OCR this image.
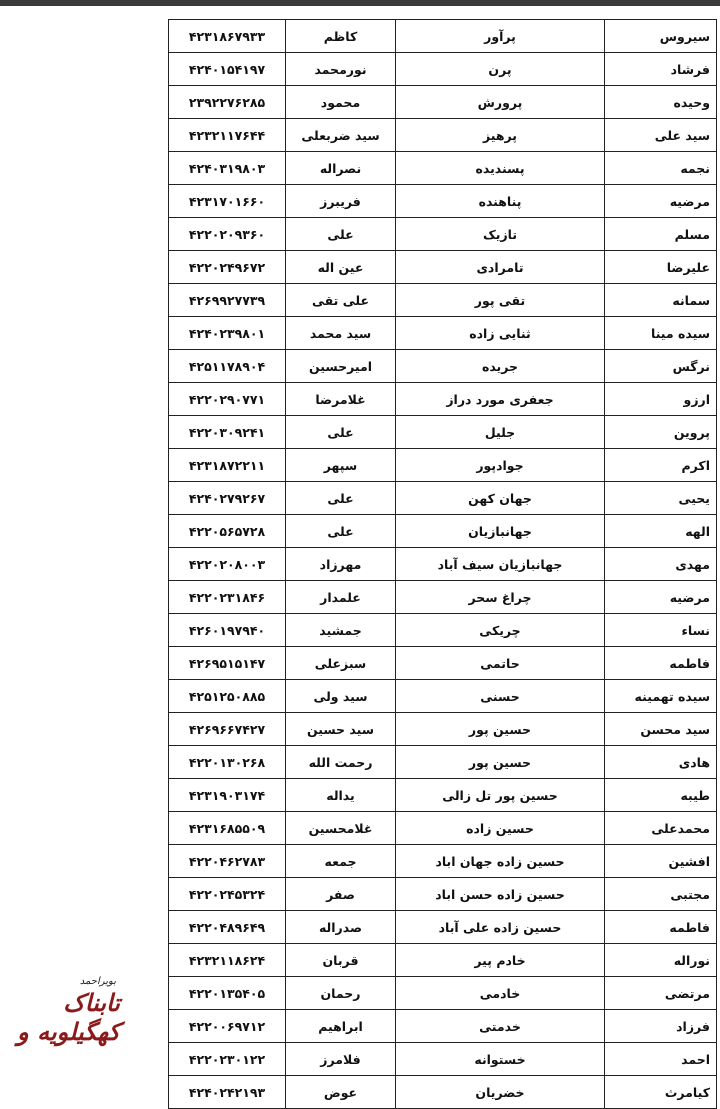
۴۲۳۱۸۶۷۹۳۳	کاظم	پرآور	سیروس
۴۲۴۰۱۵۴۱۹۷	نورمحمد	پرن	فرشاد
۲۳۹۲۲۷۶۲۸۵	محمود	پرورش	وحیده
۴۲۳۲۱۱۷۶۴۴	سید ضربعلی	پرهیز	سید علی
۴۲۴۰۳۱۹۸۰۳	نصراله	پسندیده	نجمه
۴۲۳۱۷۰۱۶۶۰	فریبرز	پناهنده	مرضیه
۴۲۲۰۲۰۹۳۶۰	علی	تازیک	مسلم
۴۲۲۰۲۴۹۶۷۲	عین اله	تامرادی	علیرضا
۴۲۶۹۹۲۷۷۳۹	علی تقی	تقی پور	سمانه
۴۲۴۰۲۳۹۸۰۱	سید محمد	ثنایی زاده	سیده مینا
۴۲۵۱۱۷۸۹۰۴	امیرحسین	جریده	نرگس
۴۲۲۰۲۹۰۷۷۱	غلامرضا	جعفری مورد دراز	ارزو
۴۲۲۰۳۰۹۲۴۱	علی	جلیل	پروین
۴۲۳۱۸۷۲۲۱۱	سپهر	جوادپور	اکرم
۴۲۴۰۲۷۹۲۶۷	علی	جهان کهن	یحیی
۴۲۲۰۵۶۵۷۲۸	علی	جهانبازیان	الهه
۴۲۲۰۲۰۸۰۰۳	مهرزاد	جهانبازیان سیف آباد	مهدی
۴۲۲۰۲۳۱۸۴۶	علمدار	چراغ سحر	مرضیه
۴۲۶۰۱۹۷۹۴۰	جمشید	چریکی	نساء
۴۲۶۹۵۱۵۱۴۷	سبزعلی	حاتمی	فاطمه
۴۲۵۱۲۵۰۸۸۵	سید ولی	حسنی	سیده تهمینه
۴۲۶۹۶۶۷۴۲۷	سید حسین	حسین پور	سید محسن
۴۲۲۰۱۳۰۲۶۸	رحمت الله	حسین پور	هادی
۴۲۳۱۹۰۳۱۷۴	یداله	حسین پور تل زالی	طیبه
۴۲۳۱۶۸۵۵۰۹	غلامحسین	حسین زاده	محمدعلی
۴۲۲۰۴۶۲۷۸۳	جمعه	حسین زاده جهان اباد	افشین
۴۲۲۰۲۴۵۳۲۴	صفر	حسین زاده حسن اباد	مجتبی
۴۲۲۰۴۸۹۶۴۹	صدراله	حسین زاده علی آباد	فاطمه
۴۲۳۲۱۱۸۶۲۴	قربان	خادم پیر	نوراله
۴۲۲۰۱۳۵۴۰۵	رحمان	خادمی	مرتضی
۴۲۲۰۰۶۹۷۱۲	ابراهیم	خدمتی	فرزاد
۴۲۲۰۲۳۰۱۲۲	فلامرز	خستوانه	احمد
۴۲۴۰۲۴۲۱۹۳	عوض	خضریان	کیامرث
بویراحمد
تابناک کهگیلویه و
